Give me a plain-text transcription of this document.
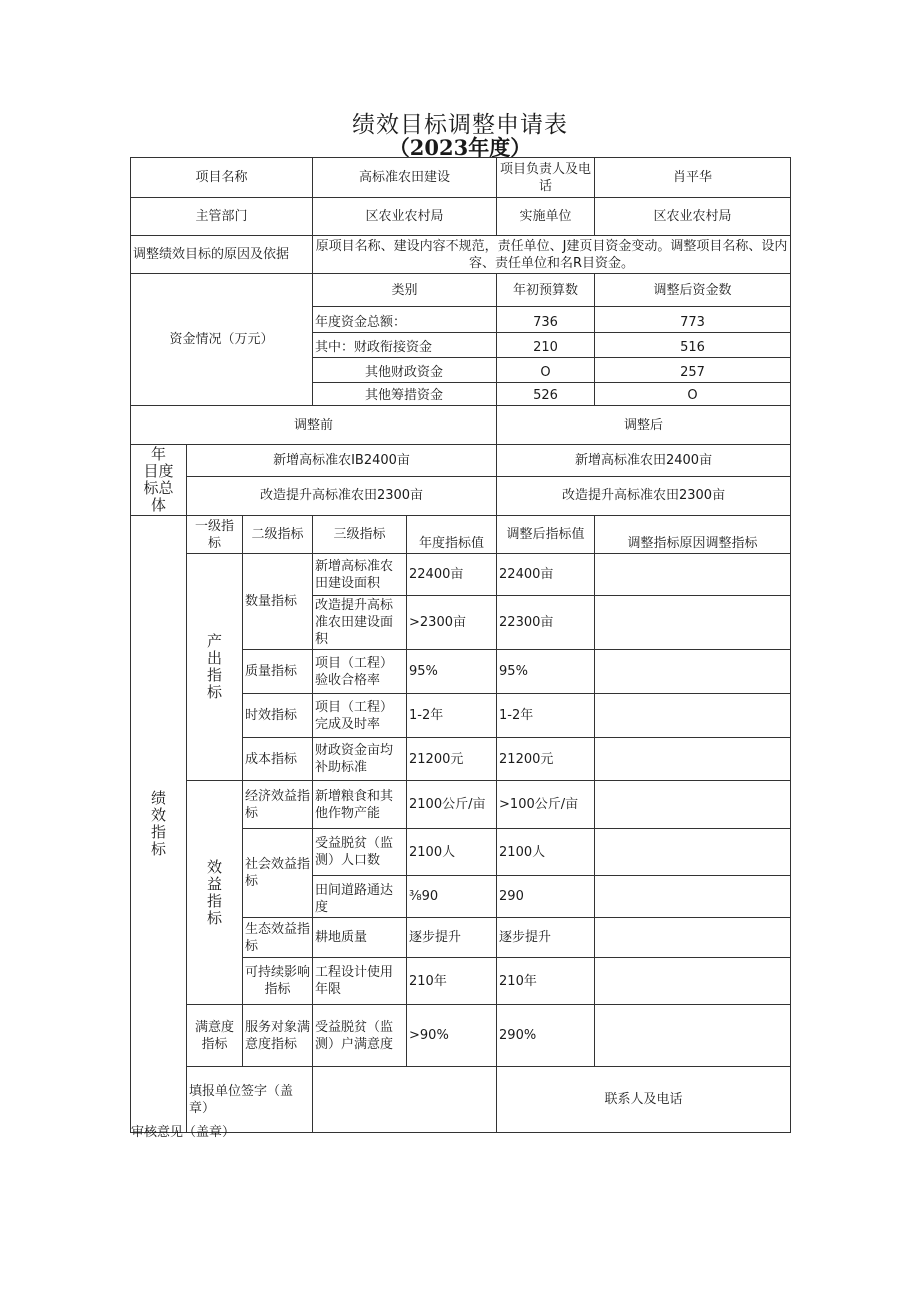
绩效目标调整申请表
（2023年度）
项目名称			高标准农田建设		项目负责人及电话	肖平华	
主管部门			区农业农村局		实施单位	区农业农村局	
调整绩效目标的原因及依据			原项目名称、建设内容不规范，责任单位、J建页目资金变动。调整项目名称、设内容、责任单位和名R目资金。				
资金情况（万元）			类别		年初预算数	调整后资金数	
			年度资金总额：		736	773	
			其中：财政衔接资金		210	516	
			其他财政资金		O	257	
			其他筹措资金		526	O	
调整前					调整后		

年
目度
标总
体	新增高标准农IB2400亩				新增高标准农田2400亩		
	改造提升高标准农田2300亩				改造提升高标准农田2300亩		

绩
效
指
标	一级指标	二级指标	三级指标	年度指标值	调整后指标值	调整指标原因调整指标	

	产
出
指
标	数量指标	新增高标准农田建设面积	22400亩	22400亩		
			改造提升高标准农田建设面积	>2300亩	22300亩		
		质量指标	项目（工程）验收合格率	95%	95%		
		时效指标	项目（工程）完成及时率	1-2年	1-2年		
		成本指标	财政资金亩均补助标准	21200元	21200元		

	效
益
指
标	经济效益指标	新增粮食和其他作物产能	2100公斤/亩	>100公斤/亩		
		社会效益指标	受益脱贫（监测）人口数	2100人	2100人		
			田间道路通达度	⅜90	290		
		生态效益指标	耕地质量	逐步提升	逐步提升		
		可持续影响指标	工程设计使用年限	210年	210年		
	满意度指标	服务对象满意度指标	受益脱贫（监测）户满意度	>90%	290%		
	填报单位签字（盖章）				联系人及电话	
审核意见（盖章）
